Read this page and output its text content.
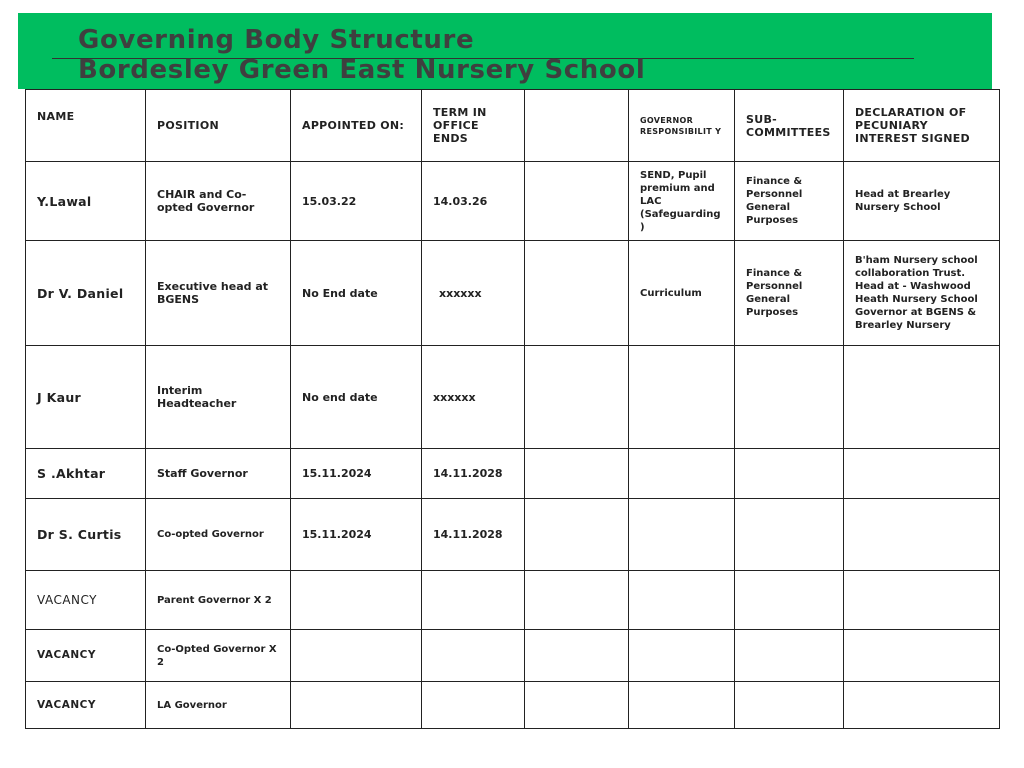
Governing Body Structure
Bordesley Green East Nursery School
NAME	POSITION	APPOINTED ON:	TERM IN OFFICE ENDS		GOVERNOR RESPONSIBILIT Y	SUB-COMMITTEES	DECLARATION OF PECUNIARY INTEREST SIGNED
Y.Lawal	CHAIR and Co-opted Governor	15.03.22	14.03.26		SEND, Pupil premium and LAC (Safeguarding)	Finance & Personnel General Purposes	Head at Brearley Nursery School
Dr V. Daniel	Executive head at BGENS	No End date	xxxxxx		Curriculum	Finance & Personnel General Purposes	B'ham Nursery school collaboration Trust. Head at - Washwood Heath Nursery School Governor at BGENS & Brearley Nursery
J Kaur	Interim Headteacher	No end date	xxxxxx				
S .Akhtar	Staff Governor	15.11.2024	14.11.2028				
Dr S. Curtis	Co-opted Governor	15.11.2024	14.11.2028				
VACANCY	Parent Governor X 2						
VACANCY	Co-Opted Governor X 2						
VACANCY	LA Governor						
